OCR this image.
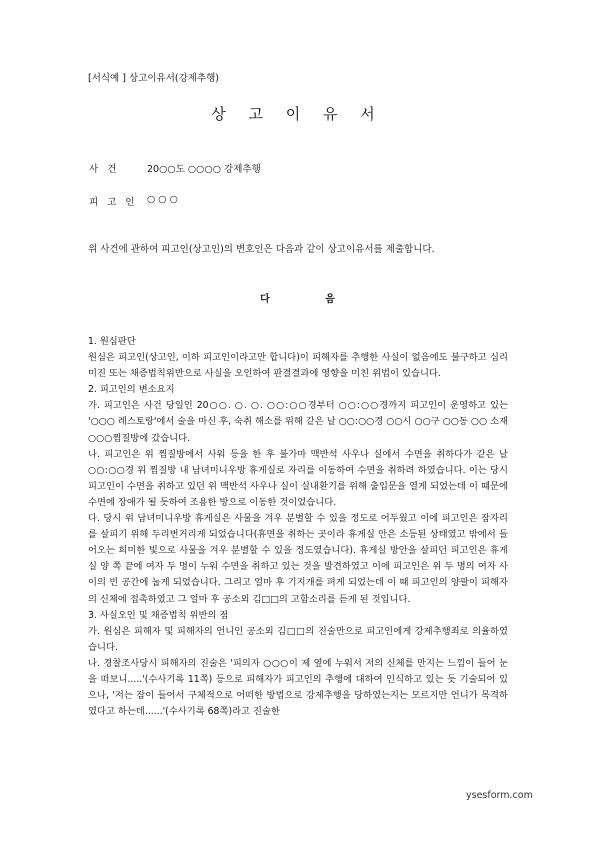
[서식예 ] 상고이유서(강제추행)
상 고 이 유 서
사 건	20○○도 ○○○○ 강제추행
피 고 인 ○ ○ ○
위 사건에 관하여 피고인(상고인)의 변호인은 다음과 같이 상고이유서를 제출합니다.
다 음

1. 원심판단

원심은 피고인(상고인, 이하 피고인이라고만 합니다)이 피해자를 추행한 사실이 없음에도 불구하고 심리미진 또는 채증법칙위반으로 사실을 오인하여 판결결과에 영향을 미친 위법이 있습니다.

2. 피고인의 변소요지

가. 피고인은 사건 당일인 20○○. ○. ○. ○○:○○경부터 ○○:○○경까지 피고인이 운영하고 있는 '○○○ 레스토랑'에서 술을 마신 후, 숙취 해소를 위해 같은 날 ○○:○○경 ○○시 ○○구 ○○동 ○○ 소재 ○○○찜질방에 갔습니다.

나. 피고인은 위 찜질방에서 사워 등을 한 후 불가마 맥반석 사우나 실에서 수면을 취하다가 같은 날 ○○:○○경 위 찜질방 내 남녀미니우방 휴게실로 자리를 이동하여 수면을 취하려 하였습니다. 이는 당시 피고인이 수면을 취하고 있던 위 맥반석 사우나 실이 실내환기를 위해 출입문을 열게 되었는데 이 때문에 수면에 장애가 될 듯하여 조용한 방으로 이동한 것이었습니다.

다. 당시 위 남녀미니우방 휴게실은 사물을 겨우 분별할 수 있을 정도로 어두웠고 이에 피고인은 잠자리를 살피기 위해 두리번거리게 되었습니다(휴면을 취하는 곳이라 휴게실 안은 소등된 상태였고 밖에서 들어오는 희미한 빛으로 사물을 겨우 분별할 수 있을 정도였습니다). 휴게실 방안을 살피던 피고인은 휴게실 양 쪽 끝에 여자 두 명이 누워 수면을 취하고 있는 것을 발견하였고 이에 피고인은 위 두 명의 여자 사이의 빈 공간에 눕게 되었습니다. 그리고 얼마 후 기지개를 펴게 되었는데 이 때 피고인의 양팔이 피해자의 신체에 접촉하였고 그 얼마 후 공소외 김□□의 고함소리를 듣게 된 것입니다.

3. 사실오인 및 채증법칙 위반의 점

가. 원심은 피해자 및 피해자의 언니인 공소외 김□□의 진술만으로 피고인에게 강제추행죄로 의율하였습니다.

나. 경찰조사당시 피해자의 진술은 '피의자 ○○○이 제 옆에 누워서 저의 신체를 만지는 느낌이 들어 눈을 떠보니.....'(수사기록 11쪽) 등으로 피해자가 피고인의 추행에 대하여 인식하고 있는 듯 기술되어 있으나, '저는 잠이 들어서 구체적으로 어떠한 방법으로 강제추행을 당하였는지는 모르지만 언니가 목격하였다고 하는데......'(수사기록 68쪽)라고 진술한

ysesform.com
